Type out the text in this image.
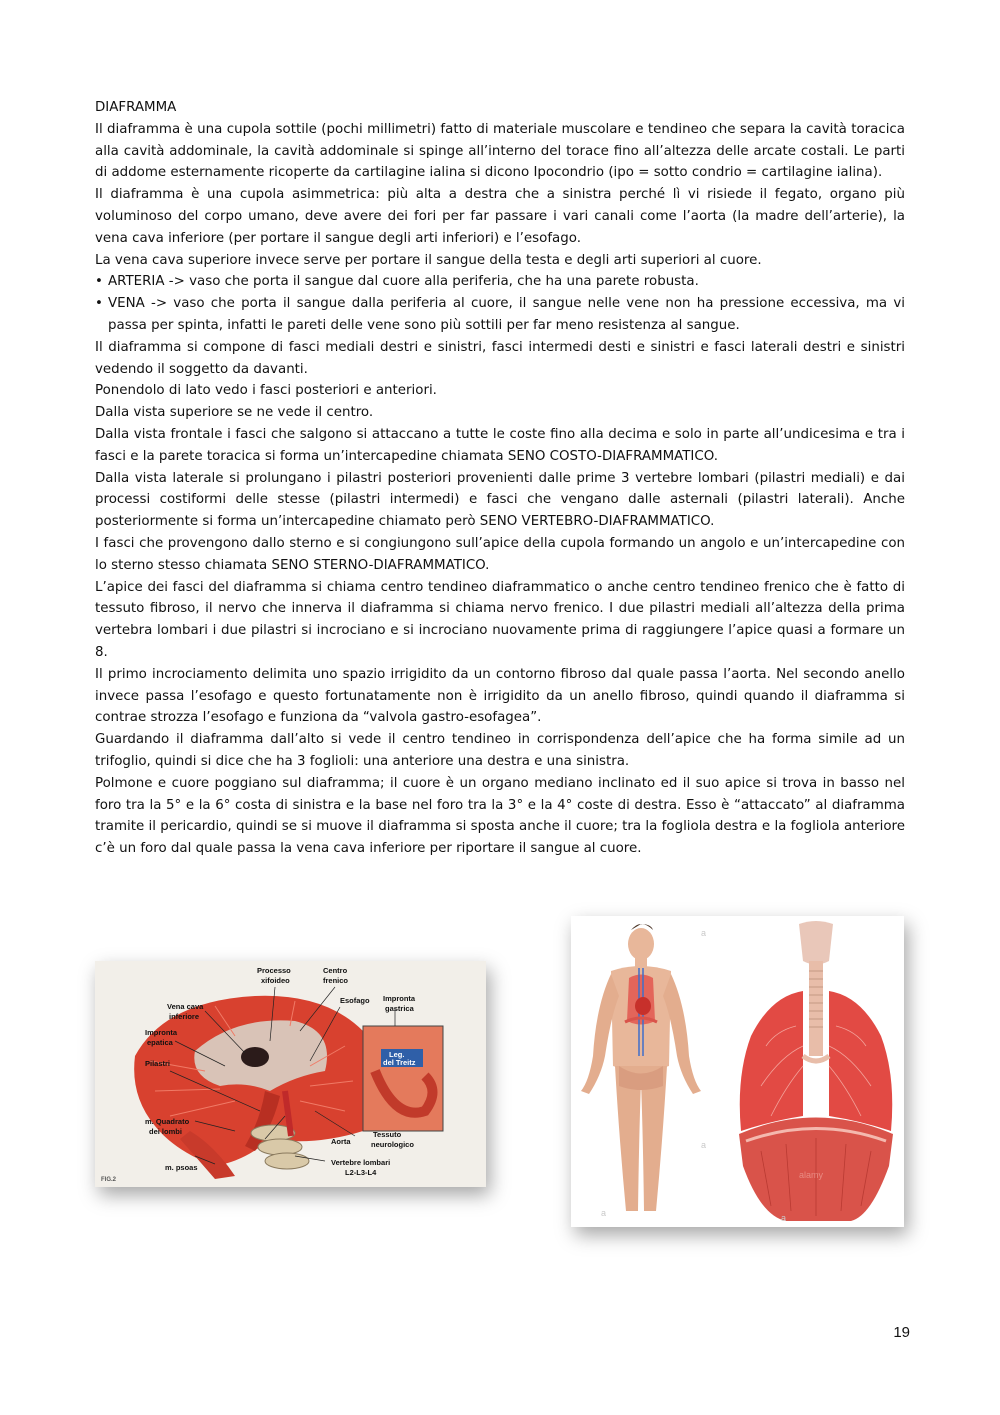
DIAFRAMMA

Il diaframma è una cupola sottile (pochi millimetri) fatto di materiale muscolare e tendineo che separa la cavità toracica alla cavità addominale, la cavità addominale si spinge all’interno del torace fino all’altezza delle arcate costali. Le parti di addome esternamente ricoperte da cartilagine ialina si dicono Ipocondrio (ipo = sotto condrio = cartilagine ialina).

Il diaframma è una cupola asimmetrica: più alta a destra che a sinistra perché lì vi risiede il fegato, organo più voluminoso del corpo umano, deve avere dei fori per far passare i vari canali come l’aorta (la madre dell’arterie), la vena cava inferiore (per portare il sangue degli arti inferiori) e l’esofago.

La vena cava superiore invece serve per portare il sangue della testa e degli arti superiori al cuore.

• ARTERIA -> vaso che porta il sangue dal cuore alla periferia, che ha una parete robusta.
• VENA -> vaso che porta il sangue dalla periferia al cuore, il sangue nelle vene non ha pressione eccessiva, ma vi passa per spinta, infatti le pareti delle vene sono più sottili per far meno resistenza al sangue.

Il diaframma si compone di fasci mediali destri e sinistri, fasci intermedi desti e sinistri e fasci laterali destri e sinistri vedendo il soggetto da davanti.

Ponendolo di lato vedo i fasci posteriori e anteriori.

Dalla vista superiore se ne vede il centro.

Dalla vista frontale i fasci che salgono si attaccano a tutte le coste fino alla decima e solo in parte all’undicesima e tra i fasci e la parete toracica si forma un’intercapedine chiamata SENO COSTO-DIAFRAMMATICO.

Dalla vista laterale si prolungano i pilastri posteriori provenienti dalle prime 3 vertebre lombari (pilastri mediali) e dai processi costiformi delle stesse (pilastri intermedi) e fasci che vengano dalle asternali (pilastri laterali). Anche posteriormente si forma un’intercapedine chiamato però SENO VERTEBRO-DIAFRAMMATICO.

I fasci che provengono dallo sterno e si congiungono sull’apice della cupola formando un angolo e un’intercapedine con lo sterno stesso chiamata SENO STERNO-DIAFRAMMATICO.

L’apice dei fasci del diaframma si chiama centro tendineo diaframmatico o anche centro tendineo frenico che è fatto di tessuto fibroso, il nervo che innerva il diaframma si chiama nervo frenico. I due pilastri mediali all’altezza della prima vertebra lombari i due pilastri si incrociano e si incrociano nuovamente prima di raggiungere l’apice quasi a formare un 8.

Il primo incrociamento delimita uno spazio irrigidito da un contorno fibroso dal quale passa l’aorta. Nel secondo anello invece passa l’esofago e questo fortunatamente non è irrigidito da un anello fibroso, quindi quando il diaframma si contrae strozza l’esofago e funziona da “valvola gastro-esofagea”.

Guardando il diaframma dall’alto si vede il centro tendineo in corrispondenza dell’apice che ha forma simile ad un trifoglio, quindi si dice che ha 3 foglioli: una anteriore una destra e una sinistra.

Polmone e cuore poggiano sul diaframma; il cuore è un organo mediano inclinato ed il suo apice si trova in basso nel foro tra la 5° e la 6° costa di sinistra e la base nel foro tra la 3° e la 4° coste di destra. Esso è “attaccato” al diaframma tramite il pericardio, quindi se si muove il diaframma si sposta anche il cuore; tra la fogliola destra e la fogliola anteriore c’è un foro dal quale passa la vena cava inferiore per riportare il sangue al cuore.

Leg.
del Treitz
Processo
xifoideo
Centro
frenico
Vena cava
inferiore
Esofago Impronta
gastrica
Impronta
epatica
Pilastri
m. Quadrato
dei lombi	Tessuto
neurologico
Aorta
m. psoas
Vertebre lombari
L2-L3-L4
FIG.2
a
a
a	a
alamy
19
